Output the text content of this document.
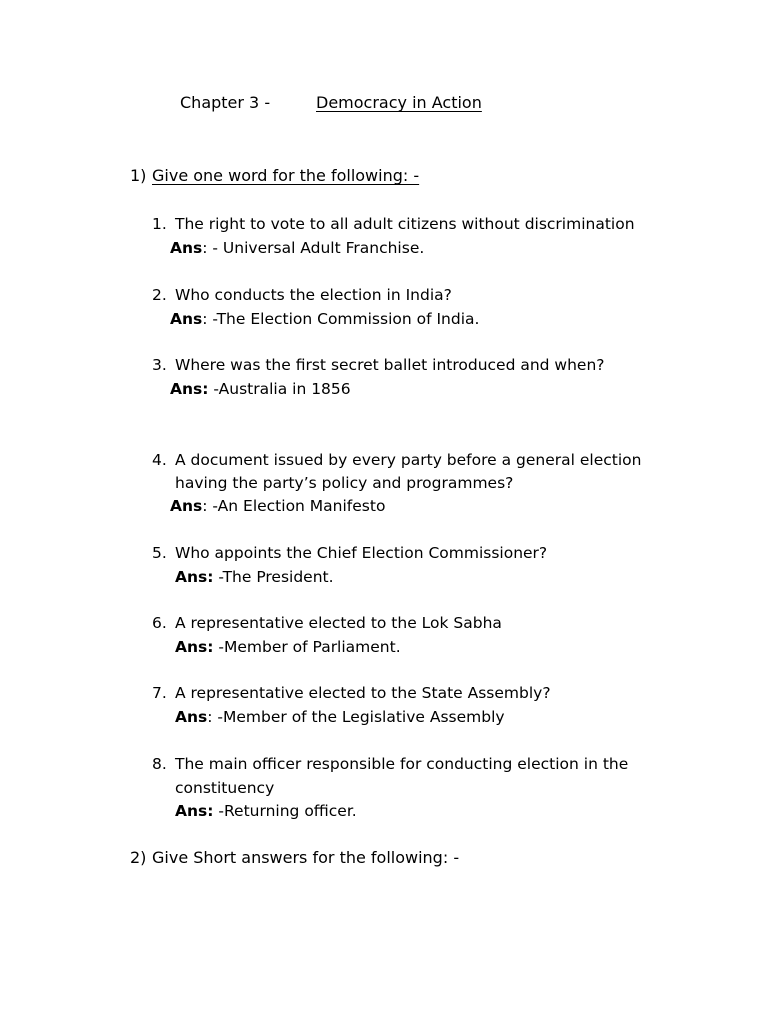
Chapter 3 -	Democracy in Action
1) Give one word for the following: -
1. The right to vote to all adult citizens without discrimination
Ans: - Universal Adult Franchise.
2. Who conducts the election in India?
Ans: -The Election Commission of India.
3. Where was the first secret ballet introduced and when?
Ans: -Australia in 1856
4. A document issued by every party before a general election
having the party’s policy and programmes?
Ans: -An Election Manifesto
5. Who appoints the Chief Election Commissioner?
Ans: -The President.
6. A representative elected to the Lok Sabha
Ans: -Member of Parliament.
7. A representative elected to the State Assembly?
Ans: -Member of the Legislative Assembly
8. The main officer responsible for conducting election in the
constituency
Ans: -Returning officer.
2) Give Short answers for the following: -
